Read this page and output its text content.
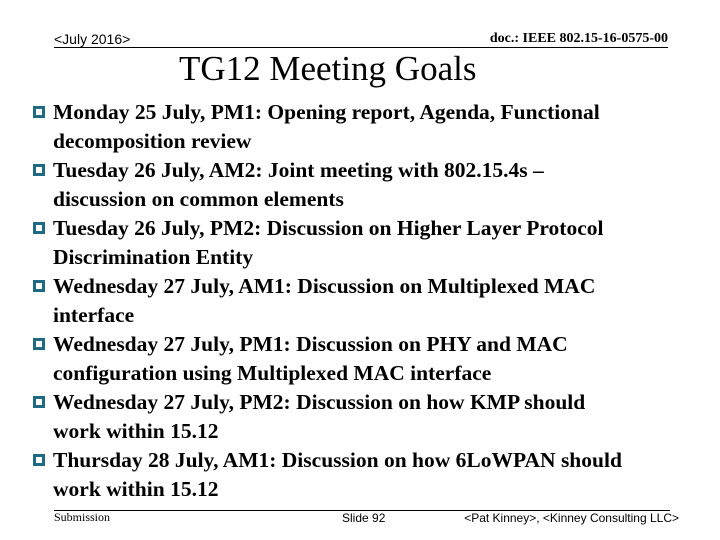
<July 2016>	doc.: IEEE 802.15-16-0575-00
TG12 Meeting Goals
Monday 25 July, PM1: Opening report, Agenda, Functional
decomposition review
Tuesday 26 July, AM2: Joint meeting with 802.15.4s –
discussion on common elements
Tuesday 26 July, PM2: Discussion on Higher Layer Protocol
Discrimination Entity
Wednesday 27 July, AM1: Discussion on Multiplexed MAC
interface
Wednesday 27 July, PM1: Discussion on PHY and MAC
configuration using Multiplexed MAC interface
Wednesday 27 July, PM2: Discussion on how KMP should
work within 15.12
Thursday 28 July, AM1: Discussion on how 6LoWPAN should
work within 15.12
Submission	Slide 92	<Pat Kinney>, <Kinney Consulting LLC>
